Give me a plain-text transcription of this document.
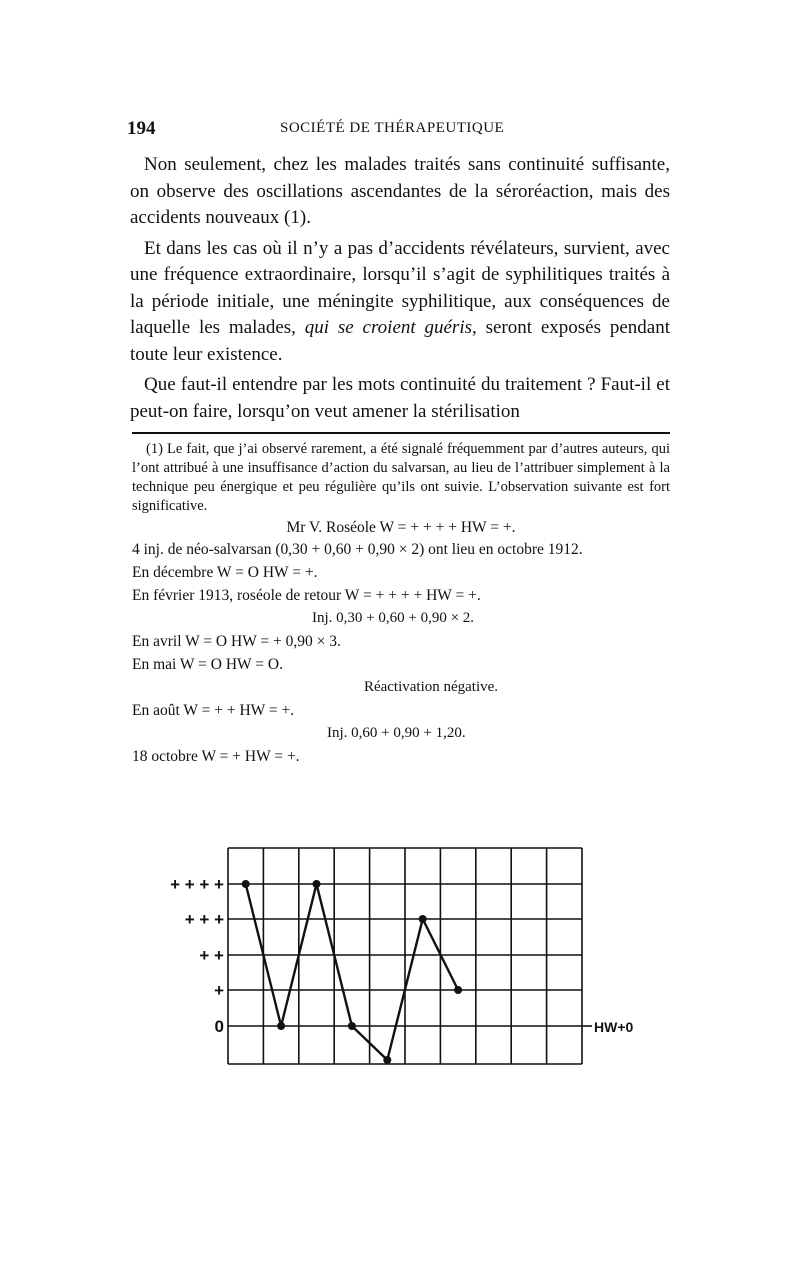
194	SOCIÉTÉ DE THÉRAPEUTIQUE

Non seulement, chez les malades traités sans continuité suffisante, on observe des oscillations ascendantes de la séroréaction, mais des accidents nouveaux (1).

Et dans les cas où il n’y a pas d’accidents révélateurs, survient, avec une fréquence extraordinaire, lorsqu’il s’agit de syphilitiques traités à la période initiale, une méningite syphilitique, aux conséquences de laquelle les malades, qui se croient guéris, seront exposés pendant toute leur existence.

Que faut-il entendre par les mots continuité du traitement ? Faut-il et peut-on faire, lorsqu’on veut amener la stérilisation

(1) Le fait, que j’ai observé rarement, a été signalé fréquemment par d’autres auteurs, qui l’ont attribué à une insuffisance d’action du salvarsan, au lieu de l’attribuer simplement à la technique peu énergique et peu régulière qu’ils ont suivie. L’observation suivante est fort significative.

Mr V. Roséole W = + + + + HW = +.

4 inj. de néo-salvarsan (0,30 + 0,60 + 0,90 × 2) ont lieu en octobre 1912.

En décembre W = O HW = +.

En février 1913, roséole de retour W = + + + + HW = +.

Inj. 0,30 + 0,60 + 0,90 × 2.

En avril W = O HW = + 0,90 × 3.

En mai W = O HW = O.

Réactivation négative.

En août W = + + HW = +.

Inj. 0,60 + 0,90 + 1,20.

18 octobre W = + HW = +.

+ + + +
+ + +
+ +
+
0	HW+0
